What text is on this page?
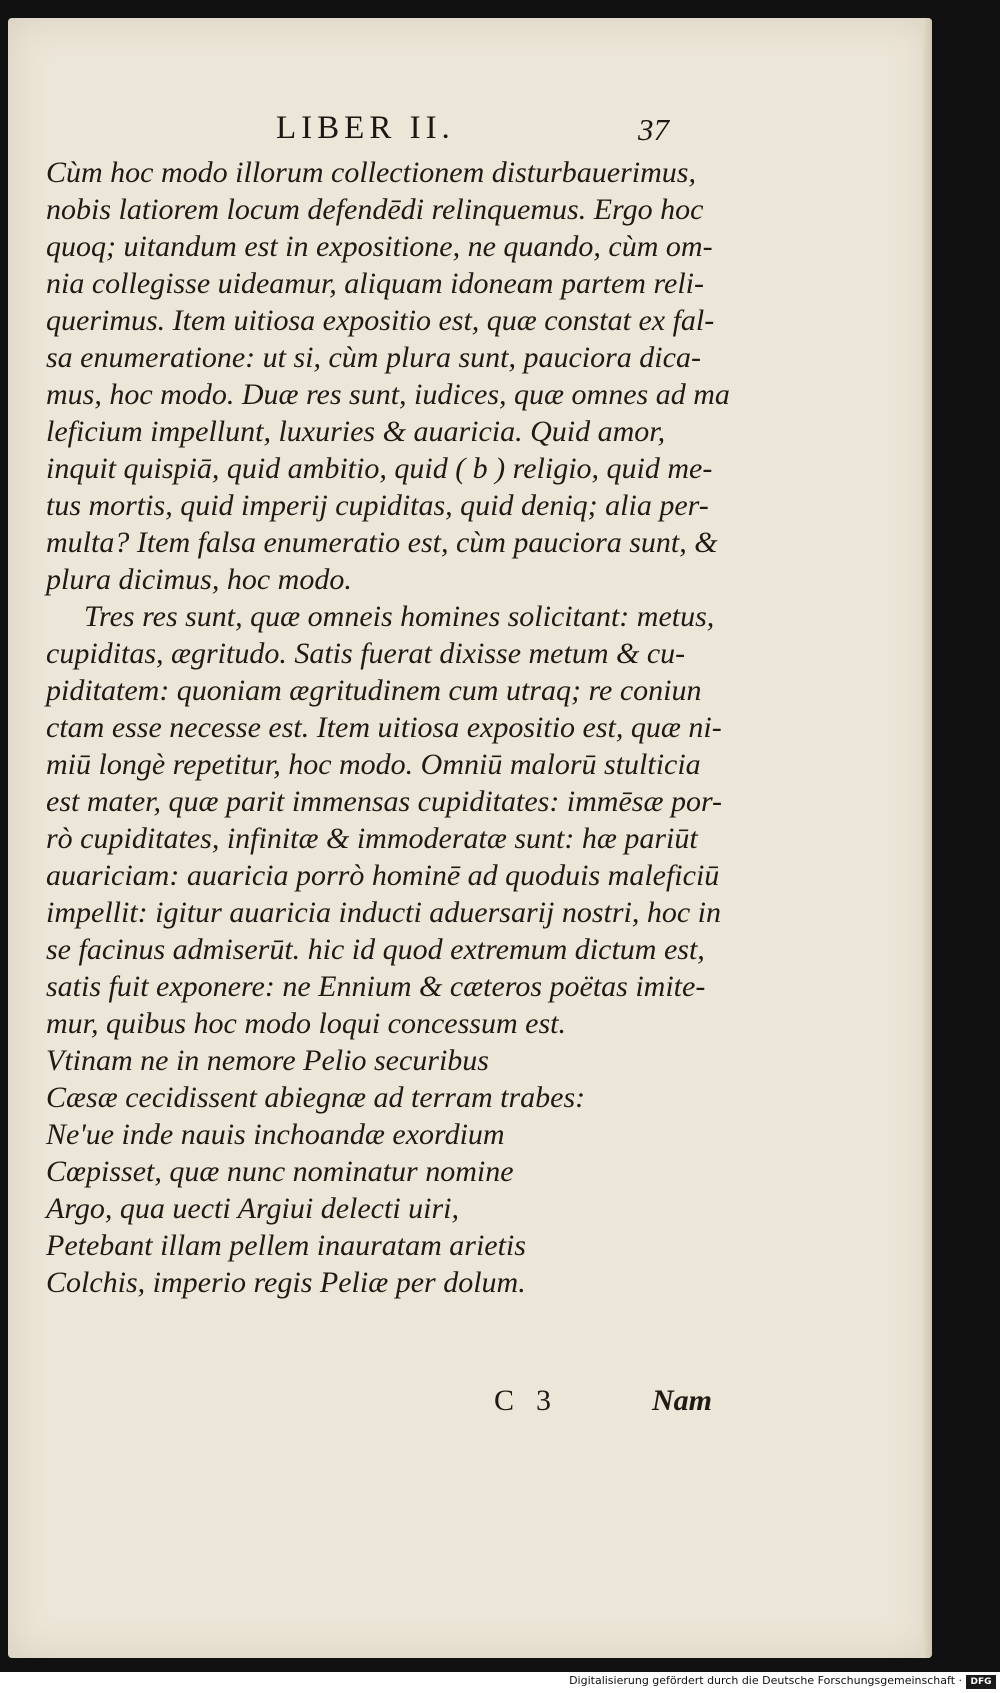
LIBER II.	37
Cùm hoc modo illorum collectionem disturbauerimus,
nobis latiorem locum defendēdi relinquemus. Ergo hoc
quoq; uitandum est in expositione, ne quando, cùm om-
nia collegisse uideamur, aliquam idoneam partem reli-
querimus. Item uitiosa expositio est, quæ constat ex fal-
sa enumeratione: ut si, cùm plura sunt, pauciora dica-
mus, hoc modo. Duæ res sunt, iudices, quæ omnes ad ma
leficium impellunt, luxuries & auaricia. Quid amor,
inquit quispiā, quid ambitio, quid ( b ) religio, quid me-
tus mortis, quid imperij cupiditas, quid deniq; alia per-
multa? Item falsa enumeratio est, cùm pauciora sunt, &
plura dicimus, hoc modo.
Tres res sunt, quæ omneis homines solicitant: metus,
cupiditas, ægritudo. Satis fuerat dixisse metum & cu-
piditatem: quoniam ægritudinem cum utraq; re coniun
ctam esse necesse est. Item uitiosa expositio est, quæ ni-
miū longè repetitur, hoc modo. Omniū malorū stulticia
est mater, quæ parit immensas cupiditates: immēsæ por-
rò cupiditates, infinitæ & immoderatæ sunt: hæ pariūt
auariciam: auaricia porrò hominē ad quoduis maleficiū
impellit: igitur auaricia inducti aduersarij nostri, hoc in
se facinus admiserūt. hic id quod extremum dictum est,
satis fuit exponere: ne Ennium & cæteros poëtas imite-
mur, quibus hoc modo loqui concessum est.
Vtinam ne in nemore Pelio securibus
Cæsæ cecidissent abiegnæ ad terram trabes:
Ne'ue inde nauis inchoandæ exordium
Cœpisset, quæ nunc nominatur nomine
Argo, qua uecti Argiui delecti uiri,
Petebant illam pellem inauratam arietis
Colchis, imperio regis Peliæ per dolum.
C 3	Nam
Digitalisierung gefördert durch die Deutsche Forschungsgemeinschaft · DFG
